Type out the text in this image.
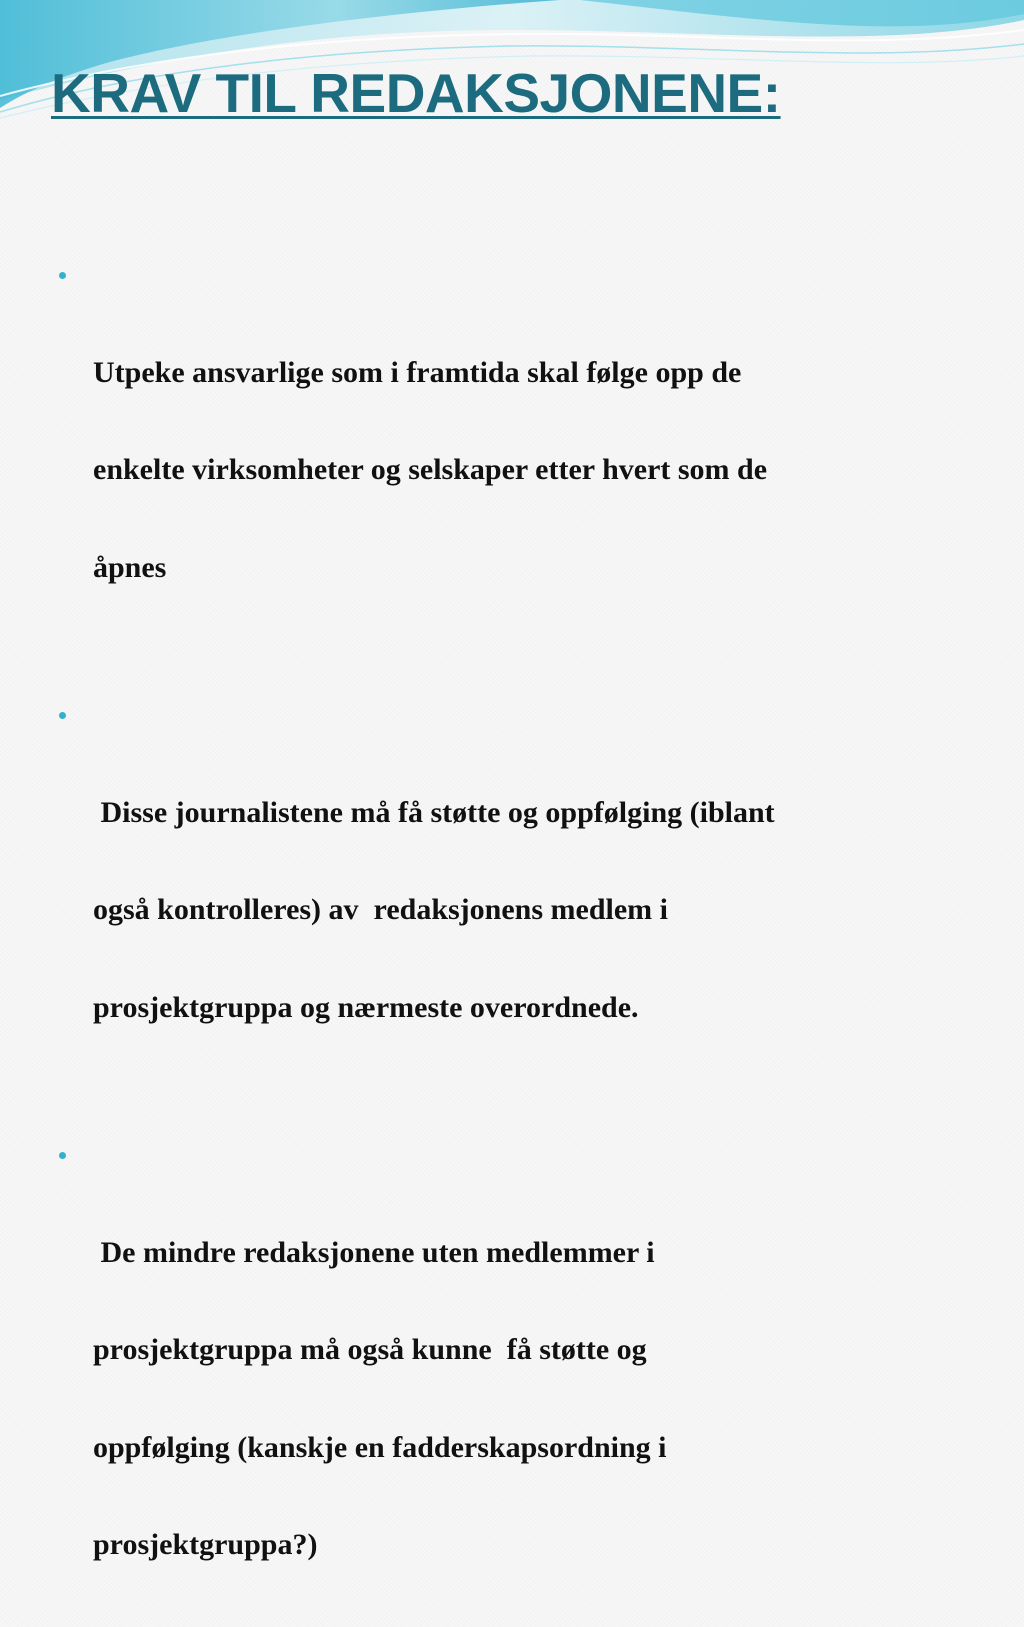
KRAV TIL REDAKSJONENE:

Utpeke ansvarlige som i framtida skal følge opp de

enkelte virksomheter og selskaper etter hvert som de

åpnes

Disse journalistene må få støtte og oppfølging (iblant

også kontrolleres) av  redaksjonens medlem i

prosjektgruppa og nærmeste overordnede.

De mindre redaksjonene uten medlemmer i

prosjektgruppa må også kunne  få støtte og

oppfølging (kanskje en fadderskapsordning i

prosjektgruppa?)
